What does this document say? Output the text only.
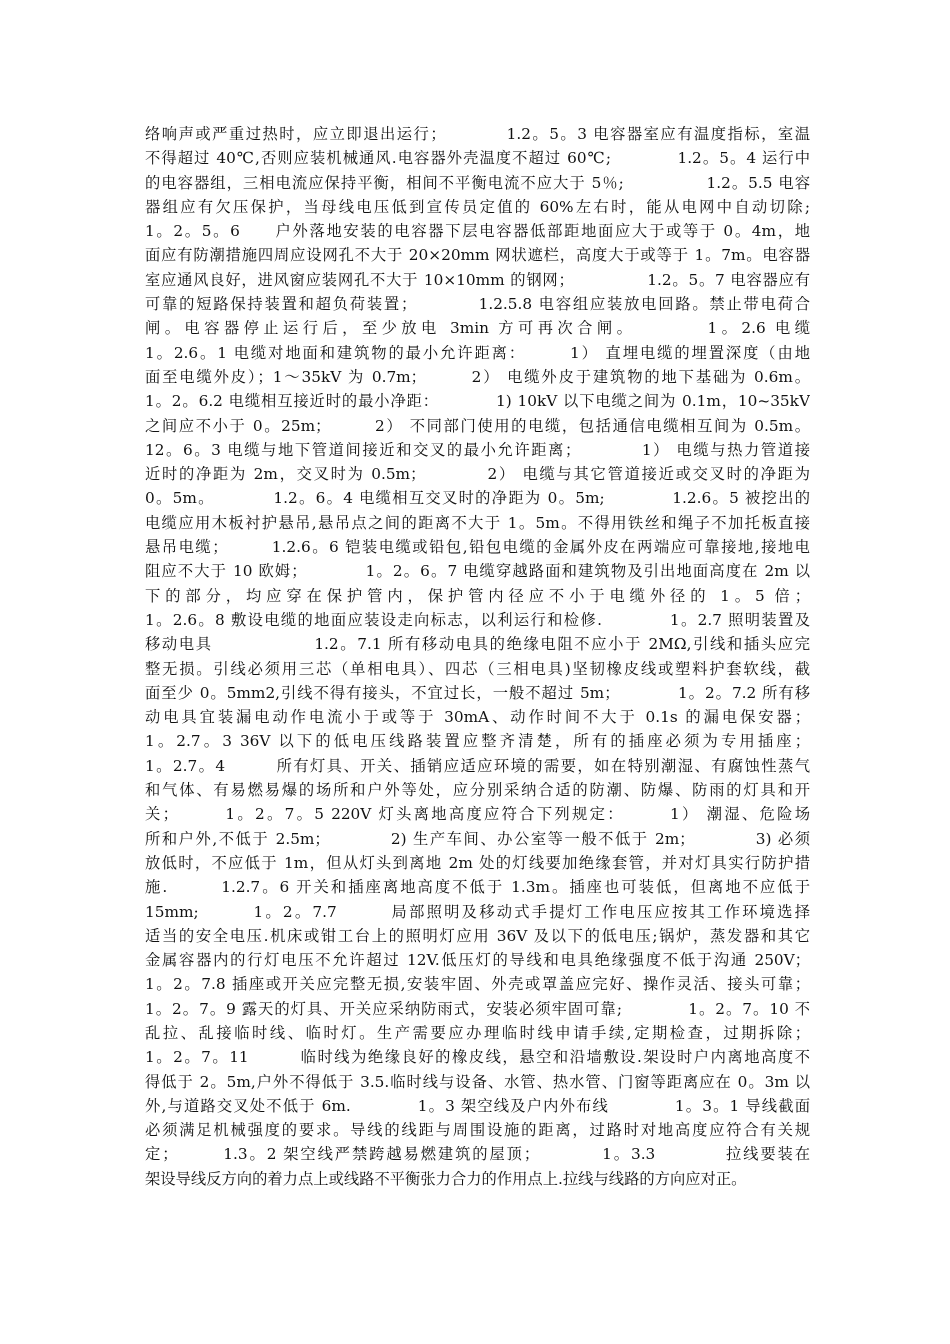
络响声或严重过热时，应立即退出运行；　　　　1.2。5。3 电容器室应有温度指标，室温
不得超过 40℃,否则应装机械通风.电容器外壳温度不超过 60℃;　　　　1.2。5。4 运行中
的电容器组，三相电流应保持平衡，相间不平衡电流不应大于 5％;　　　　　1.2。5.5 电容
器组应有欠压保护，当母线电压低到宣传员定值的 60%左右时，能从电网中自动切除;
1。2。5。6　　户外落地安装的电容器下层电容器低部距地面应大于或等于 0。4m，地
面应有防潮措施四周应设网孔不大于 20×20mm 网状遮栏，高度大于或等于 1。7m。电容器
室应通风良好，进风窗应装网孔不大于 10×10mm 的钢网；　　　　　1.2。5。7 电容器应有
可靠的短路保持装置和超负荷装置；　　　　1.2.5.8 电容组应装放电回路。禁止带电荷合
闸。电容器停止运行后，至少放电 3min 方可再次合闸。　　　　1。2.6 电缆
1。2.6。1 电缆对地面和建筑物的最小允许距离：　　　1） 直埋电缆的埋置深度（由地
面至电缆外皮）；1～35kV 为 0.7m；　　　2） 电缆外皮于建筑物的地下基础为 0.6m。
1。2。6.2 电缆相互接近时的最小净距：　　　　1) 10kV 以下电缆之间为 0.1m，10~35kV
之间应不小于 0。25m；　　　2） 不同部门使用的电缆，包括通信电缆相互间为 0.5m。
12。6。3 电缆与地下管道间接近和交叉的最小允许距离；　　　　1） 电缆与热力管道接
近时的净距为 2m，交叉时为 0.5m；　　　　2） 电缆与其它管道接近或交叉时的净距为
0。5m。　　　　1.2。6。4 电缆相互交叉时的净距为 0。5m;　　　　1.2.6。5 被挖出的
电缆应用木板衬护悬吊,悬吊点之间的距离不大于 1。5m。不得用铁丝和绳子不加托板直接
悬吊电缆；　　　1.2.6。6 铠装电缆或铅包,铅包电缆的金属外皮在两端应可靠接地,接地电
阻应不大于 10 欧姆；　　　　1。2。6。7 电缆穿越路面和建筑物及引出地面高度在 2m 以
下的部分，均应穿在保护管内，保护管内径应不小于电缆外径的 1。5 倍；
1。2.6。8 敷设电缆的地面应装设走向标志，以利运行和检修.　　　　1。2.7 照明装置及
移动电具　　　　　　1.2。7.1 所有移动电具的绝缘电阻不应小于 2MΩ,引线和插头应完
整无损。引线必须用三芯（单相电具）、四芯（三相电具)坚韧橡皮线或塑料护套软线，截
面至少 0。5mm2,引线不得有接头，不宜过长，一般不超过 5m；　　　　1。2。7.2 所有移
动电具宜装漏电动作电流小于或等于 30mA、动作时间不大于 0.1s 的漏电保安器；
1。2.7。3 36V 以下的低电压线路装置应整齐清楚，所有的插座必须为专用插座；
1。2.7。4　　　所有灯具、开关、插销应适应环境的需要，如在特别潮湿、有腐蚀性蒸气
和气体、有易燃易爆的场所和户外等处，应分别采纳合适的防潮、防爆、防雨的灯具和开
关；　　　1。2。7。5 220V 灯头离地高度应符合下列规定：　　　1） 潮湿、危险场
所和户外,不低于 2.5m；　　　　2) 生产车间、办公室等一般不低于 2m；　　　　3) 必须
放低时，不应低于 1m，但从灯头到离地 2m 处的灯线要加绝缘套管，并对灯具实行防护措
施.　　　1.2.7。6 开关和插座离地高度不低于 1.3m。插座也可装低，但离地不应低于
15mm;　　　1。2。7.7　　　局部照明及移动式手提灯工作电压应按其工作环境选择
适当的安全电压.机床或钳工台上的照明灯应用 36V 及以下的低电压;锅炉，蒸发器和其它
金属容器内的行灯电压不允许超过 12V.低压灯的导线和电具绝缘强度不低于沟通 250V；
1。2。7.8 插座或开关应完整无损,安装牢固、外壳或罩盖应完好、操作灵活、接头可靠；
1。2。7。9 露天的灯具、开关应采纳防雨式，安装必须牢固可靠;　　　　1。2。7。10 不
乱拉、乱接临时线、临时灯。生产需要应办理临时线申请手续,定期检查，过期拆除；
1。2。7。11　　　临时线为绝缘良好的橡皮线，悬空和沿墙敷设.架设时户内离地高度不
得低于 2。5m,户外不得低于 3.5.临时线与设备、水管、热水管、门窗等距离应在 0。3m 以
外,与道路交叉处不低于 6m.　　　　1。3 架空线及户内外布线　　　　1。3。1 导线截面
必须满足机械强度的要求。导线的线距与周围设施的距离，过路时对地高度应符合有关规
定；　　　1.3。2 架空线严禁跨越易燃建筑的屋顶；　　　　1。3.3　　　　拉线要装在
架设导线反方向的着力点上或线路不平衡张力合力的作用点上.拉线与线路的方向应对正。
